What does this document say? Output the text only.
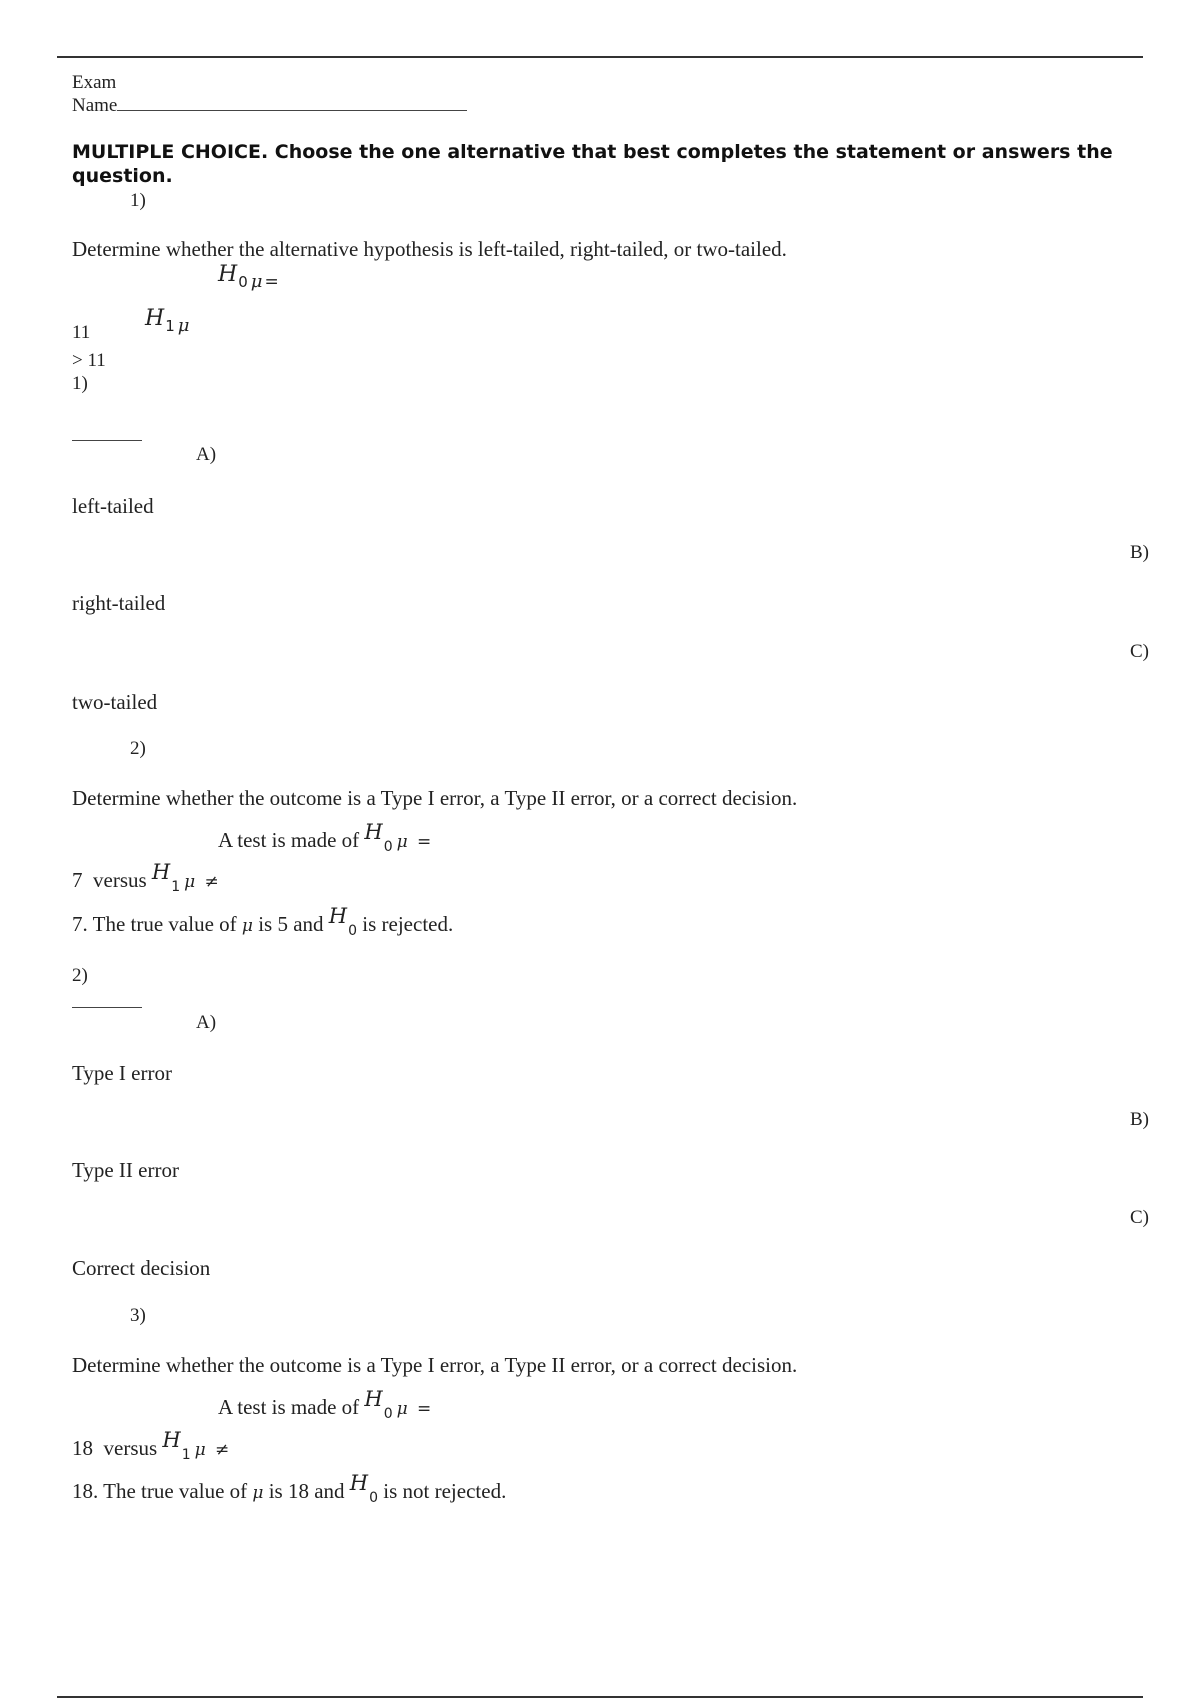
Exam
Name
MULTIPLE CHOICE. Choose the one alternative that best completes the statement or answers the question.
1)
Determine whether the alternative hypothesis is left-tailed, right-tailed, or two-tailed.
H0 μ =
11
H1 μ
> 11
1)
A)
left-tailed
B)
right-tailed
C)
two-tailed
2)
Determine whether the outcome is a Type I error, a Type II error, or a correct decision.
A test is made of H0 μ =
7 versus H1 μ ≠
7. The true value of μ is 5 and H0 is rejected.
2)
A)
Type I error
B)
Type II error
C)
Correct decision
3)
Determine whether the outcome is a Type I error, a Type II error, or a correct decision.
A test is made of H0 μ =
18 versus H1 μ ≠
18. The true value of μ is 18 and H0 is not rejected.
